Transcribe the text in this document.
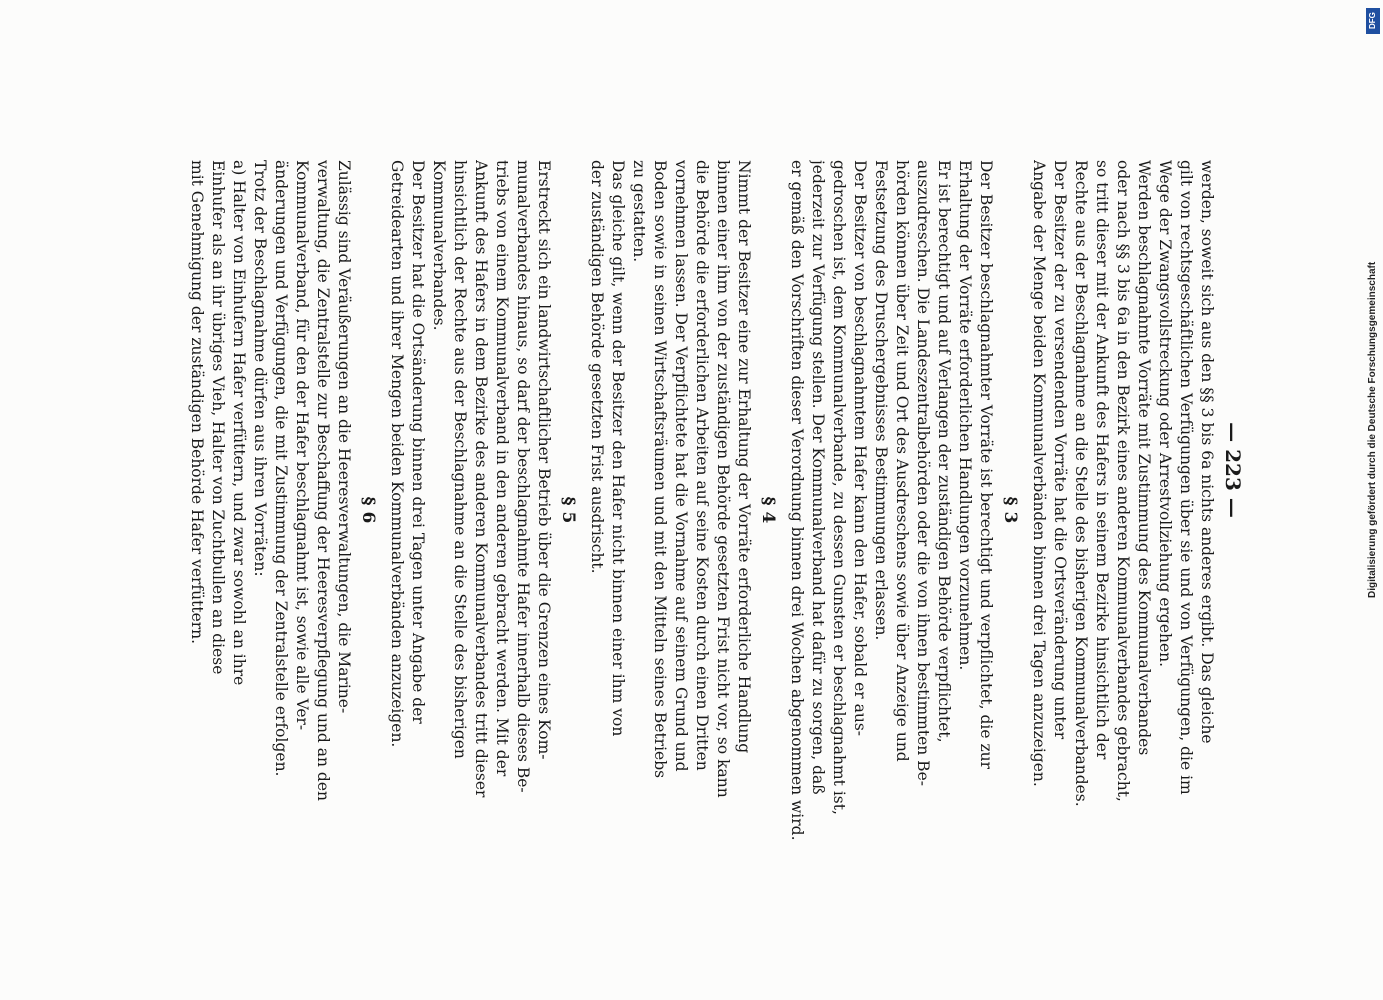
— 223 —

werden, soweit sich aus den §§ 3 bis 6a nichts anderes ergibt. Das gleiche

gilt von rechtsgeschäftlichen Verfügungen über sie und von Verfügungen, die im

Wege der Zwangsvollstreckung oder Arrestvollziehung ergehen.

Werden beschlagnahmte Vorräte mit Zustimmung des Kommunalverbandes

oder nach §§ 3 bis 6a in den Bezirk eines anderen Kommunalverbandes gebracht,

so tritt dieser mit der Ankunft des Hafers in seinem Bezirke hinsichtlich der

Rechte aus der Beschlagnahme an die Stelle des bisherigen Kommunalverbandes.

Der Besitzer der zu versendenden Vorräte hat die Ortsveränderung unter

Angabe der Menge beiden Kommunalverbänden binnen drei Tagen anzuzeigen.

§ 3

Der Besitzer beschlagnahmter Vorräte ist berechtigt und verpflichtet, die zur

Erhaltung der Vorräte erforderlichen Handlungen vorzunehmen.

Er ist berechtigt und auf Verlangen der zuständigen Behörde verpflichtet,

auszudreschen. Die Landeszentralbehörden oder die von ihnen bestimmten Be-

hörden können über Zeit und Ort des Ausdreschens sowie über Anzeige und

Festsetzung des Druschergebnisses Bestimmungen erlassen.

Der Besitzer von beschlagnahmtem Hafer kann den Hafer, sobald er aus-

gedroschen ist, dem Kommunalverbande, zu dessen Gunsten er beschlagnahmt ist,

jederzeit zur Verfügung stellen. Der Kommunalverband hat dafür zu sorgen, daß

er gemäß den Vorschriften dieser Verordnung binnen drei Wochen abgenommen wird.

§ 4

Nimmt der Besitzer eine zur Erhaltung der Vorräte erforderliche Handlung

binnen einer ihm von der zuständigen Behörde gesetzten Frist nicht vor, so kann

die Behörde die erforderlichen Arbeiten auf seine Kosten durch einen Dritten

vornehmen lassen. Der Verpflichtete hat die Vornahme auf seinem Grund und

Boden sowie in seinen Wirtschaftsräumen und mit den Mitteln seines Betriebs

zu gestatten.

Das gleiche gilt, wenn der Besitzer den Hafer nicht binnen einer ihm von

der zuständigen Behörde gesetzten Frist ausdrischt.

§ 5

Erstreckt sich ein landwirtschaftlicher Betrieb über die Grenzen eines Kom-

munalverbandes hinaus, so darf der beschlagnahmte Hafer innerhalb dieses Be-

triebs von einem Kommunalverband in den anderen gebracht werden. Mit der

Ankunft des Hafers in dem Bezirke des anderen Kommunalverbandes tritt dieser

hinsichtlich der Rechte aus der Beschlagnahme an die Stelle des bisherigen

Kommunalverbandes.

Der Besitzer hat die Ortsänderung binnen drei Tagen unter Angabe der

Getreidearten und ihrer Mengen beiden Kommunalverbänden anzuzeigen.

§ 6

Zulässig sind Veräußerungen an die Heeresverwaltungen, die Marine-

verwaltung, die Zentralstelle zur Beschaffung der Heeresverpflegung und an den

Kommunalverband, für den der Hafer beschlagnahmt ist, sowie alle Ver-

änderungen und Verfügungen, die mit Zustimmung der Zentralstelle erfolgen.

Trotz der Beschlagnahme dürfen aus ihren Vorräten:

a) Halter von Einhufern Hafer verfüttern, und zwar sowohl an ihre

Einhufer als an ihr übriges Vieh, Halter von Zuchtbullen an diese

mit Genehmigung der zuständigen Behörde Hafer verfüttern.

DFG
Digitalisierung gefördert durch die Deutsche Forschungsgemeinschaft
